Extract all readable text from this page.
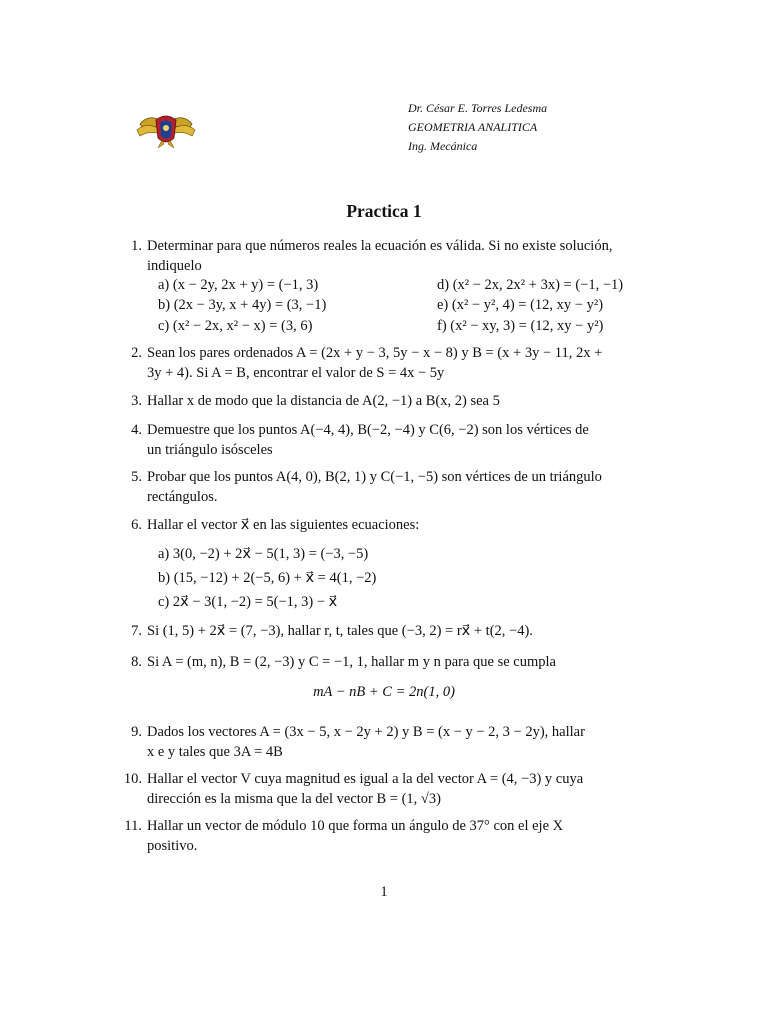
Dr. César E. Torres Ledesma
GEOMETRIA ANALITICA
Ing. Mecánica
Practica 1
1. Determinar para que números reales la ecuación es válida. Si no existe solución,
indiquelo
a) (x − 2y, 2x + y) = (−1, 3)
b) (2x − 3y, x + 4y) = (3, −1)
c) (x² − 2x, x² − x) = (3, 6)
d) (x² − 2x, 2x² + 3x) = (−1, −1)
e) (x² − y², 4) = (12, xy − y²)
f) (x² − xy, 3) = (12, xy − y²)
2. Sean los pares ordenados A = (2x + y − 3, 5y − x − 8) y B = (x + 3y − 11, 2x +
3y + 4). Si A = B, encontrar el valor de S = 4x − 5y
3. Hallar x de modo que la distancia de A(2, −1) a B(x, 2) sea 5
4. Demuestre que los puntos A(−4, 4), B(−2, −4) y C(6, −2) son los vértices de
un triángulo isósceles
5. Probar que los puntos A(4, 0), B(2, 1) y C(−1, −5) son vértices de un triángulo
rectángulos.
6. Hallar el vector x⃗ en las siguientes ecuaciones:
a) 3(0, −2) + 2x⃗ − 5(1, 3) = (−3, −5)
b) (15, −12) + 2(−5, 6) + x⃗ = 4(1, −2)
c) 2x⃗ − 3(1, −2) = 5(−1, 3) − x⃗
7. Si (1, 5) + 2x⃗ = (7, −3), hallar r, t, tales que (−3, 2) = rx⃗ + t(2, −4).
8. Si A = (m, n), B = (2, −3) y C = −1, 1, hallar m y n para que se cumpla
mA − nB + C = 2n(1, 0)
9. Dados los vectores A = (3x − 5, x − 2y + 2) y B = (x − y − 2, 3 − 2y), hallar
x e y tales que 3A = 4B
10. Hallar el vector V cuya magnitud es igual a la del vector A = (4, −3) y cuya
dirección es la misma que la del vector B = (1, √3)
11. Hallar un vector de módulo 10 que forma un ángulo de 37° con el eje X
positivo.
1
